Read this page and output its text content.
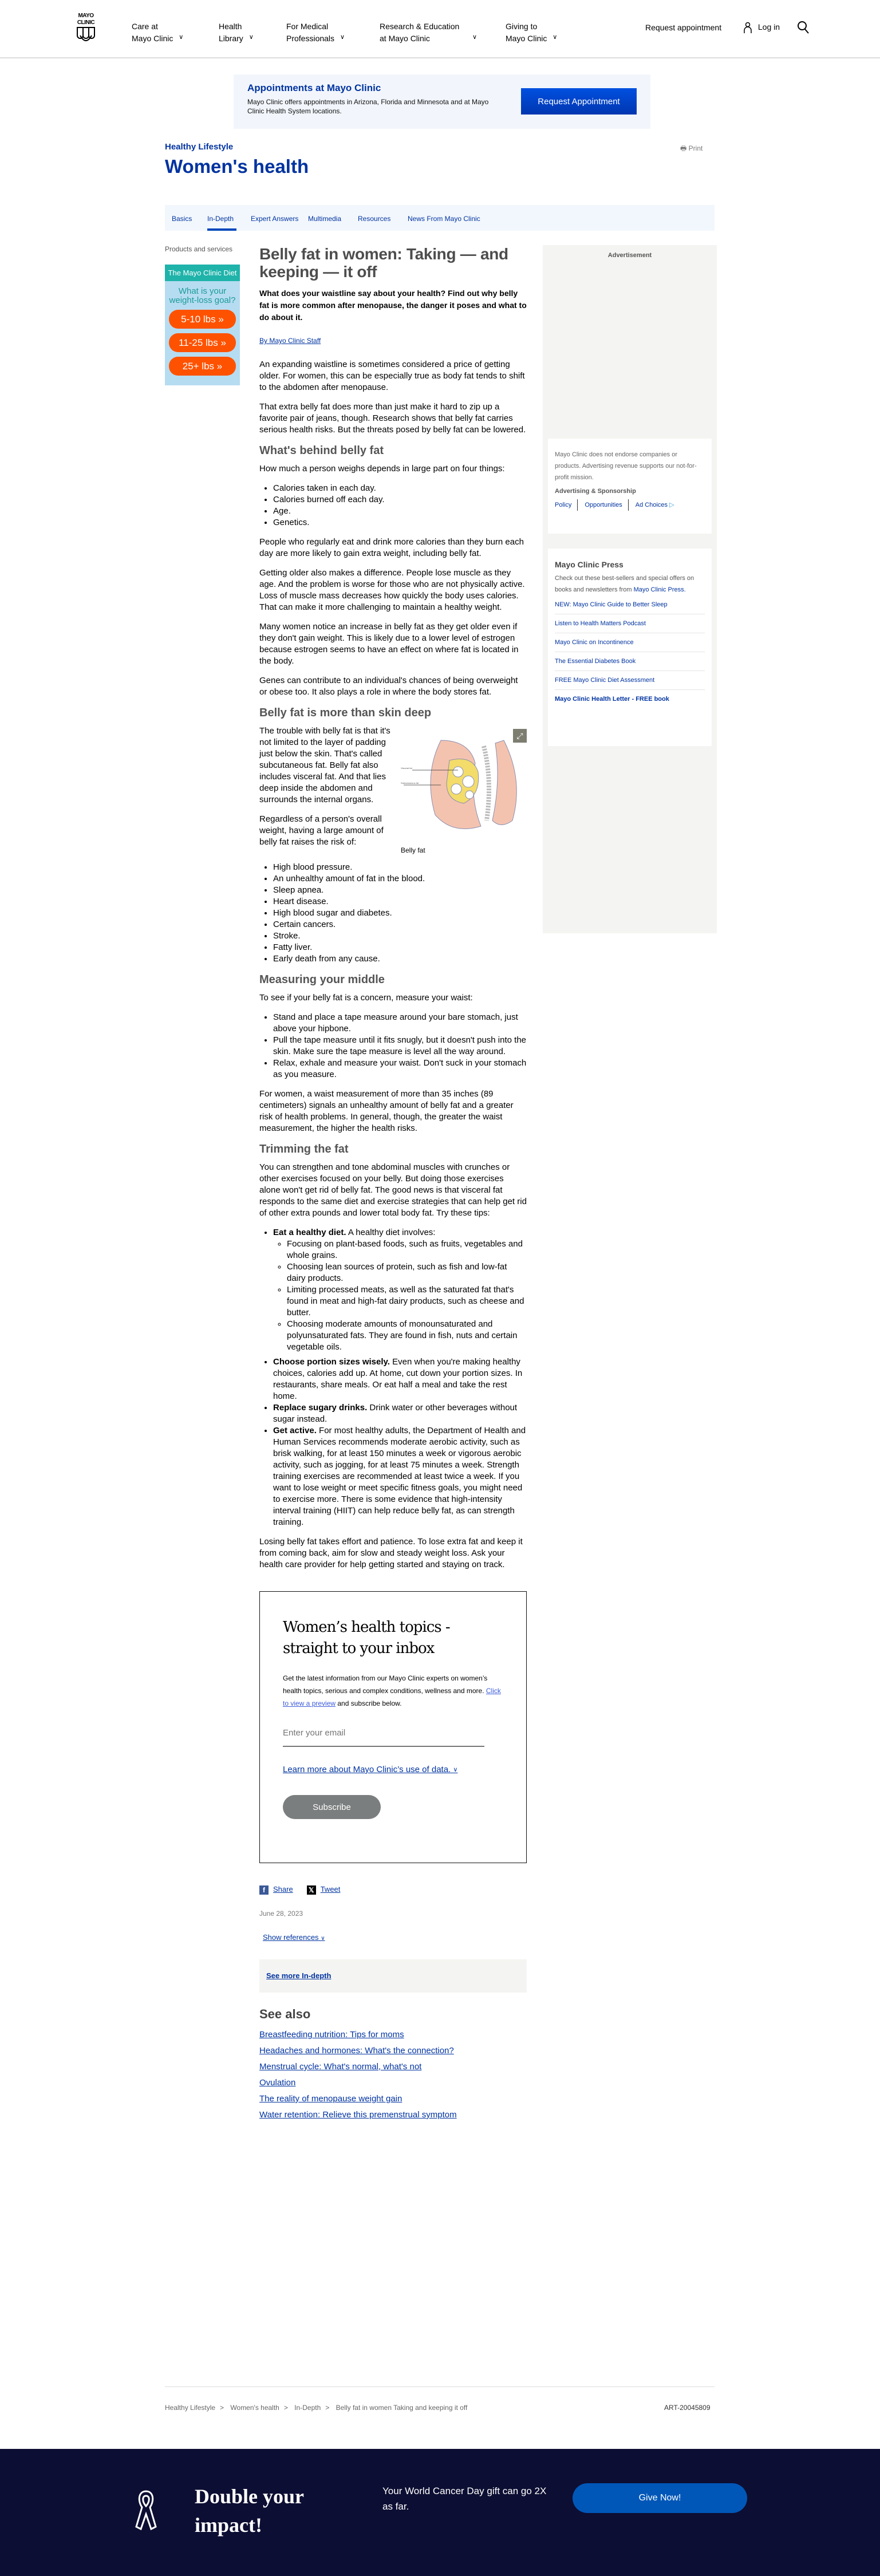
MAYO CLINIC	Care at
Mayo Clinic ∨
Health
Library ∨
For Medical
Professionals ∨
Research & Education
at Mayo Clinic	∨
Giving to
Mayo Clinic ∨
Request appointment	Log in
Appointments at Mayo Clinic

Mayo Clinic offers appointments in Arizona, Florida and Minnesota and at Mayo Clinic Health System locations.

Request Appointment
Healthy Lifestyle
Women's health
🖶 Print
Basics In-Depth Expert Answers Multimedia Resources News From Mayo Clinic
Products and services
The Mayo Clinic Diet
What is your weight-loss goal?
5-10 lbs »
11-25 lbs »
25+ lbs »
Belly fat in women: Taking — and keeping — it off
What does your waistline say about your health? Find out why belly fat is more common after menopause, the danger it poses and what to do about it.
By Mayo Clinic Staff

An expanding waistline is sometimes considered a price of getting older. For women, this can be especially true as body fat tends to shift to the abdomen after menopause.

That extra belly fat does more than just make it hard to zip up a favorite pair of jeans, though. Research shows that belly fat carries serious health risks. But the threats posed by belly fat can be lowered.

What's behind belly fat

How much a person weighs depends in large part on four things:

• Calories taken in each day.
• Calories burned off each day.
• Age.
• Genetics.

People who regularly eat and drink more calories than they burn each day are more likely to gain extra weight, including belly fat.

Getting older also makes a difference. People lose muscle as they age. And the problem is worse for those who are not physically active. Loss of muscle mass decreases how quickly the body uses calories. That can make it more challenging to maintain a healthy weight.

Many women notice an increase in belly fat as they get older even if they don't gain weight. This is likely due to a lower level of estrogen because estrogen seems to have an effect on where fat is located in the body.

Genes can contribute to an individual's chances of being overweight or obese too. It also plays a role in where the body stores fat.

Belly fat is more than skin deep
Visceral fat
Subcutaneous fat
⤢
Belly fat

The trouble with belly fat is that it's not limited to the layer of padding just below the skin. That's called subcutaneous fat. Belly fat also includes visceral fat. And that lies deep inside the abdomen and surrounds the internal organs.

Regardless of a person's overall weight, having a large amount of belly fat raises the risk of:

• High blood pressure.
• An unhealthy amount of fat in the blood.
• Sleep apnea.
• Heart disease.
• High blood sugar and diabetes.
• Certain cancers.
• Stroke.
• Fatty liver.
• Early death from any cause.
Measuring your middle

To see if your belly fat is a concern, measure your waist:

• Stand and place a tape measure around your bare stomach, just above your hipbone.
• Pull the tape measure until it fits snugly, but it doesn't push into the skin. Make sure the tape measure is level all the way around.
• Relax, exhale and measure your waist. Don't suck in your stomach as you measure.

For women, a waist measurement of more than 35 inches (89 centimeters) signals an unhealthy amount of belly fat and a greater risk of health problems. In general, though, the greater the waist measurement, the higher the health risks.

Trimming the fat

You can strengthen and tone abdominal muscles with crunches or other exercises focused on your belly. But doing those exercises alone won't get rid of belly fat. The good news is that visceral fat responds to the same diet and exercise strategies that can help get rid of other extra pounds and lower total body fat. Try these tips:

• Eat a healthy diet. A healthy diet involves:
◦ Focusing on plant-based foods, such as fruits, vegetables and whole grains.
◦ Choosing lean sources of protein, such as fish and low-fat dairy products.
◦ Limiting processed meats, as well as the saturated fat that's found in meat and high-fat dairy products, such as cheese and butter.
◦ Choosing moderate amounts of monounsaturated and polyunsaturated fats. They are found in fish, nuts and certain vegetable oils.
• Choose portion sizes wisely. Even when you're making healthy choices, calories add up. At home, cut down your portion sizes. In restaurants, share meals. Or eat half a meal and take the rest home.
• Replace sugary drinks. Drink water or other beverages without sugar instead.
• Get active. For most healthy adults, the Department of Health and Human Services recommends moderate aerobic activity, such as brisk walking, for at least 150 minutes a week or vigorous aerobic activity, such as jogging, for at least 75 minutes a week. Strength training exercises are recommended at least twice a week. If you want to lose weight or meet specific fitness goals, you might need to exercise more. There is some evidence that high-intensity interval training (HIIT) can help reduce belly fat, as can strength training.

Losing belly fat takes effort and patience. To lose extra fat and keep it from coming back, aim for slow and steady weight loss. Ask your health care provider for help getting started and staying on track.

Women’s health topics - straight to your inbox
Get the latest information from our Mayo Clinic experts on women’s health topics, serious and complex conditions, wellness and more. Click to view a preview and subscribe below.
Enter your email
Learn more about Mayo Clinic’s use of data. ∨
Subscribe
f Share 𝕏 Tweet
June 28, 2023
Show references ∨
See more In-depth
See also
Breastfeeding nutrition: Tips for moms
Headaches and hormones: What's the connection?
Menstrual cycle: What's normal, what's not
Ovulation
The reality of menopause weight gain
Water retention: Relieve this premenstrual symptom
Advertisement
Mayo Clinic does not endorse companies or products. Advertising revenue supports our not-for-profit mission.
Advertising & Sponsorship
Policy	Opportunities	Ad Choices ▷
Mayo Clinic Press
Check out these best-sellers and special offers on books and newsletters from Mayo Clinic Press.
NEW: Mayo Clinic Guide to Better Sleep
Listen to Health Matters Podcast
Mayo Clinic on Incontinence
The Essential Diabetes Book
FREE Mayo Clinic Diet Assessment
Mayo Clinic Health Letter - FREE book
Healthy Lifestyle > Women's health > In-Depth > Belly fat in women Taking and keeping it off	ART-20045809
Double your impact!
Your World Cancer Day gift can go 2X as far.
Give Now!
